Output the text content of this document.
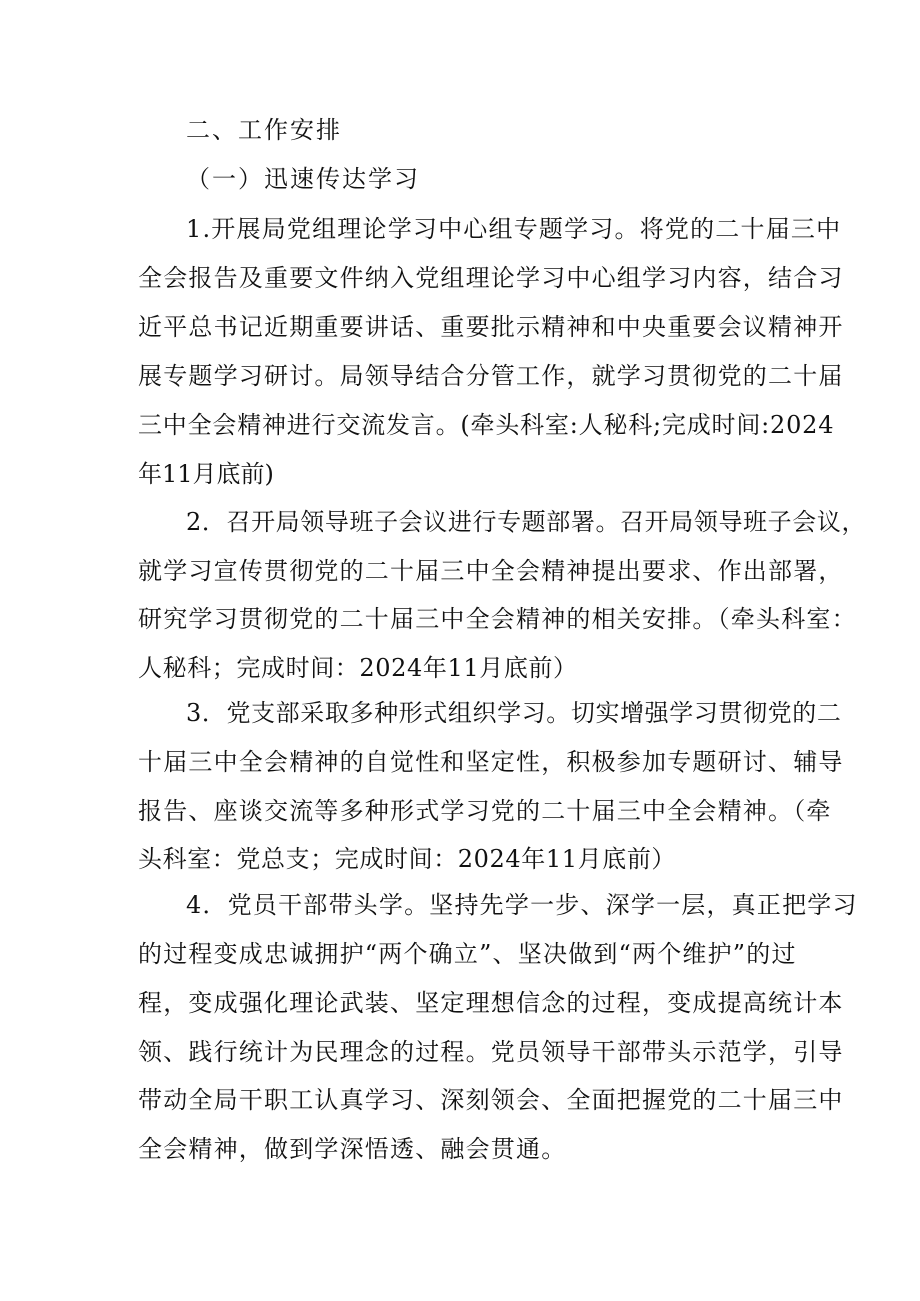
二、工作安排
（一）迅速传达学习
1.开展局党组理论学习中心组专题学习。将党的二十届三中
全会报告及重要文件纳入党组理论学习中心组学习内容，结合习
近平总书记近期重要讲话、重要批示精神和中央重要会议精神开
展专题学习研讨。局领导结合分管工作，就学习贯彻党的二十届
三中全会精神进行交流发言。(牵头科室:人秘科;完成时间:2024
年11月底前)
2．召开局领导班子会议进行专题部署。召开局领导班子会议，
就学习宣传贯彻党的二十届三中全会精神提出要求、作出部署，
研究学习贯彻党的二十届三中全会精神的相关安排。（牵头科室：
人秘科；完成时间：2024年11月底前）
3．党支部采取多种形式组织学习。切实增强学习贯彻党的二
十届三中全会精神的自觉性和坚定性，积极参加专题研讨、辅导
报告、座谈交流等多种形式学习党的二十届三中全会精神。（牵
头科室：党总支；完成时间：2024年11月底前）
4．党员干部带头学。坚持先学一步、深学一层，真正把学习
的过程变成忠诚拥护“两个确立”、坚决做到“两个维护”的过
程，变成强化理论武装、坚定理想信念的过程，变成提高统计本
领、践行统计为民理念的过程。党员领导干部带头示范学，引导
带动全局干职工认真学习、深刻领会、全面把握党的二十届三中
全会精神，做到学深悟透、融会贯通。
